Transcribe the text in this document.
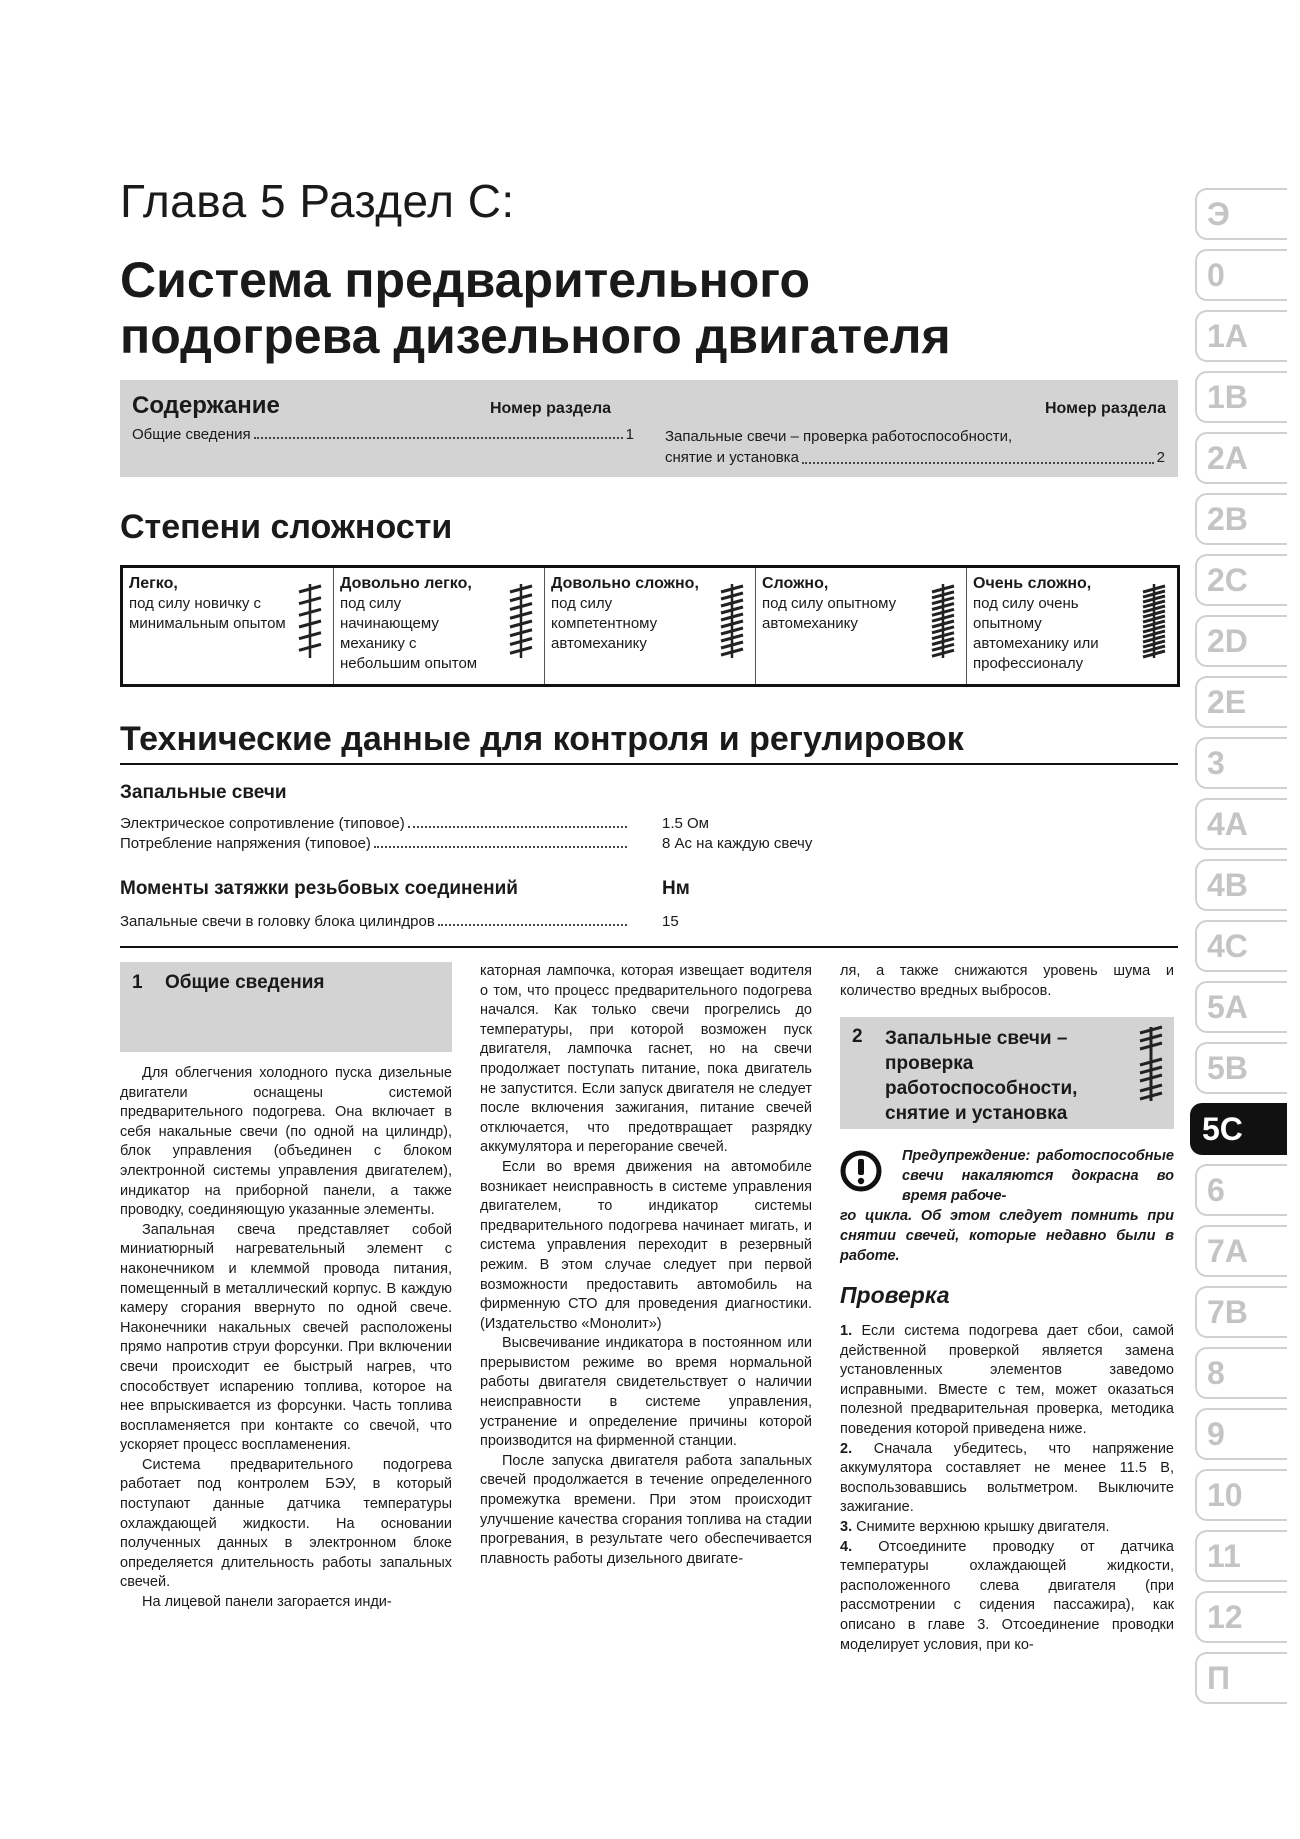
Глава 5 Раздел С:
Система предварительного
подогрева дизельного двигателя
Содержание	Номер раздела	Номер раздела
Общие сведения	1 Запальные свечи – проверка работоспособности,
снятие и установка	2
Степени сложности
Легко,
под силу новичку с минимальным опытом
Довольно легко,
под силу начинающему механику с небольшим опытом
Довольно сложно,
под силу компетентному автомеханику
Сложно,
под силу опытному автомеханику
Очень сложно,
под силу очень опытному автомеханику или профессионалу
Технические данные для контроля и регулировок
Запальные свечи
Электрическое сопротивление (типовое)	1.5 Ом
Потребление напряжения (типовое)	8 Ас на каждую свечу
Моменты затяжки резьбовых соединений	Нм
Запальные свечи в головку блока цилиндров	15
1 Общие сведения

Для облегчения холодного пуска дизельные двигатели оснащены системой предварительного подогрева. Она включает в себя накальные свечи (по одной на цилиндр), блок управления (объединен с блоком электронной системы управления двигателем), индикатор на приборной панели, а также проводку, соединяющую указанные элементы.

Запальная свеча представляет собой миниатюрный нагревательный элемент с наконечником и клеммой провода питания, помещенный в металлический корпус. В каждую камеру сгорания ввернуто по одной свече. Наконечники накальных свечей расположены прямо напротив струи форсунки. При включении свечи происходит ее быстрый нагрев, что способствует испарению топлива, которое на нее впрыскивается из форсунки. Часть топлива воспламеняется при контакте со свечой, что ускоряет процесс воспламенения.

Система предварительного подогрева работает под контролем БЭУ, в который поступают данные датчика температуры охлаждающей жидкости. На основании полученных данных в электронном блоке определяется длительность работы запальных свечей.

На лицевой панели загорается инди-

каторная лампочка, которая извещает водителя о том, что процесс предварительного подогрева начался. Как только свечи прогрелись до температуры, при которой возможен пуск двигателя, лампочка гаснет, но на свечи продолжает поступать питание, пока двигатель не запустится. Если запуск двигателя не следует после включения зажигания, питание свечей отключается, что предотвращает разрядку аккумулятора и перегорание свечей.

Если во время движения на автомобиле возникает неисправность в системе управления двигателем, то индикатор системы предварительного подогрева начинает мигать, и система управления переходит в резервный режим. В этом случае следует при первой возможности предоставить автомобиль на фирменную СТО для проведения диагностики. (Издательство «Монолит»)

Высвечивание индикатора в постоянном или прерывистом режиме во время нормальной работы двигателя свидетельствует о наличии неисправности в системе управления, устранение и определение причины которой производится на фирменной станции.

После запуска двигателя работа запальных свечей продолжается в течение определенного промежутка времени. При этом происходит улучшение качества сгорания топлива на стадии прогревания, в результате чего обеспечивается плавность работы дизельного двигате-

ля, а также снижаются уровень шума и количество вредных выбросов.

2 Запальные свечи – проверка работоспособности, снятие и установка
Предупреждение: работоспособные свечи накаляются докрасна во время рабоче-
го цикла. Об этом следует помнить при снятии свечей, которые недавно были в работе.
Проверка

1. Если система подогрева дает сбои, самой действенной проверкой является замена установленных элементов заведомо исправными. Вместе с тем, может оказаться полезной предварительная проверка, методика поведения которой приведена ниже.

2. Сначала убедитесь, что напряжение аккумулятора составляет не менее 11.5 В, воспользовавшись вольтметром. Выключите зажигание.

3. Снимите верхнюю крышку двигателя.

4. Отсоедините проводку от датчика температуры охлаждающей жидкости, расположенного слева двигателя (при рассмотрении с сидения пассажира), как описано в главе 3. Отсоединение проводки моделирует условия, при ко-

Э
0
1А
1В
2А
2В
2С
2D
2Е
3
4А
4В
4С
5А
5В
5С
6
7А
7В
8
9
10
11
12
П
